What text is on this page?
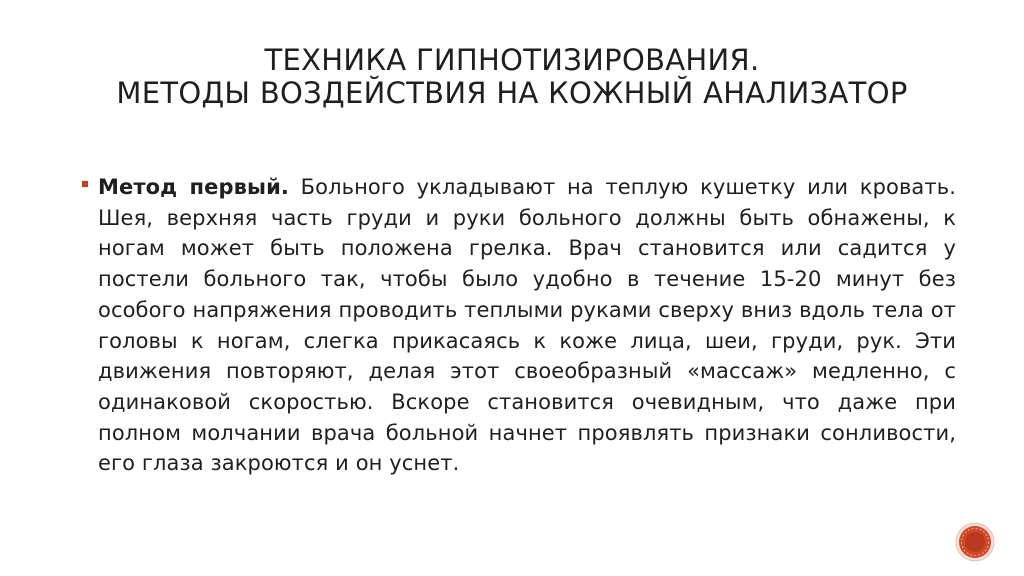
ТЕХНИКА ГИПНОТИЗИРОВАНИЯ.
МЕТОДЫ ВОЗДЕЙСТВИЯ НА КОЖНЫЙ АНАЛИЗАТОР
Метод первый. Больного укладывают на теплую кушетку или кровать. Шея, верхняя часть груди и руки больного должны быть обнажены, к ногам может быть положена грелка. Врач становится или садится у постели больного так, чтобы было удобно в течение 15-20 минут без особого напряжения проводить теплыми руками сверху вниз вдоль тела от головы к ногам, слегка прикасаясь к коже лица, шеи, груди, рук. Эти движения повторяют, делая этот своеобразный «массаж» медленно, с одинаковой скоростью. Вскоре становится очевидным, что даже при полном молчании врача больной начнет проявлять признаки сонливости, его глаза закроются и он уснет.
